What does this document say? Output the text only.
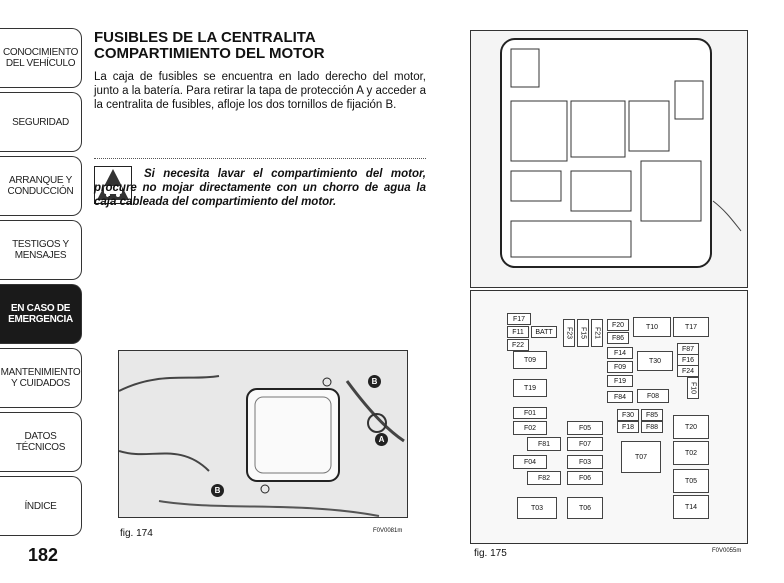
CONOCIMIENTO DEL VEHÍCULO
SEGURIDAD
ARRANQUE Y CONDUCCIÓN
TESTIGOS Y MENSAJES
EN CASO DE EMERGENCIA
MANTENIMIENTO Y CUIDADOS
DATOS TÉCNICOS
ÍNDICE
182
FUSIBLES DE LA CENTRALITA
COMPARTIMIENTO DEL MOTOR

La caja de fusibles se encuentra en lado derecho del motor, junto a la batería. Para retirar la tapa de protección A y acceder a la centralita de fusibles, afloje los dos tornillos de fijación B.

Si necesita lavar el compartimiento del motor, procure no mojar directamente con un chorro de agua la caja cableada del compartimiento del motor.

B
A
B
fig. 174	F0V0081m
F17
F11	BATT
F22
F23	F15	F21
F20
F86
T10	T17
T09
F14
F09
F19
T30
F87
F16
F24
F10
T19
F84	F08
F01	F30	F85
F02	F05	F18	F88	T20
F81	F07
T07
T02
F04	F03
F82	F06	T05
T03	T06	T14
fig. 175	F0V0055m
